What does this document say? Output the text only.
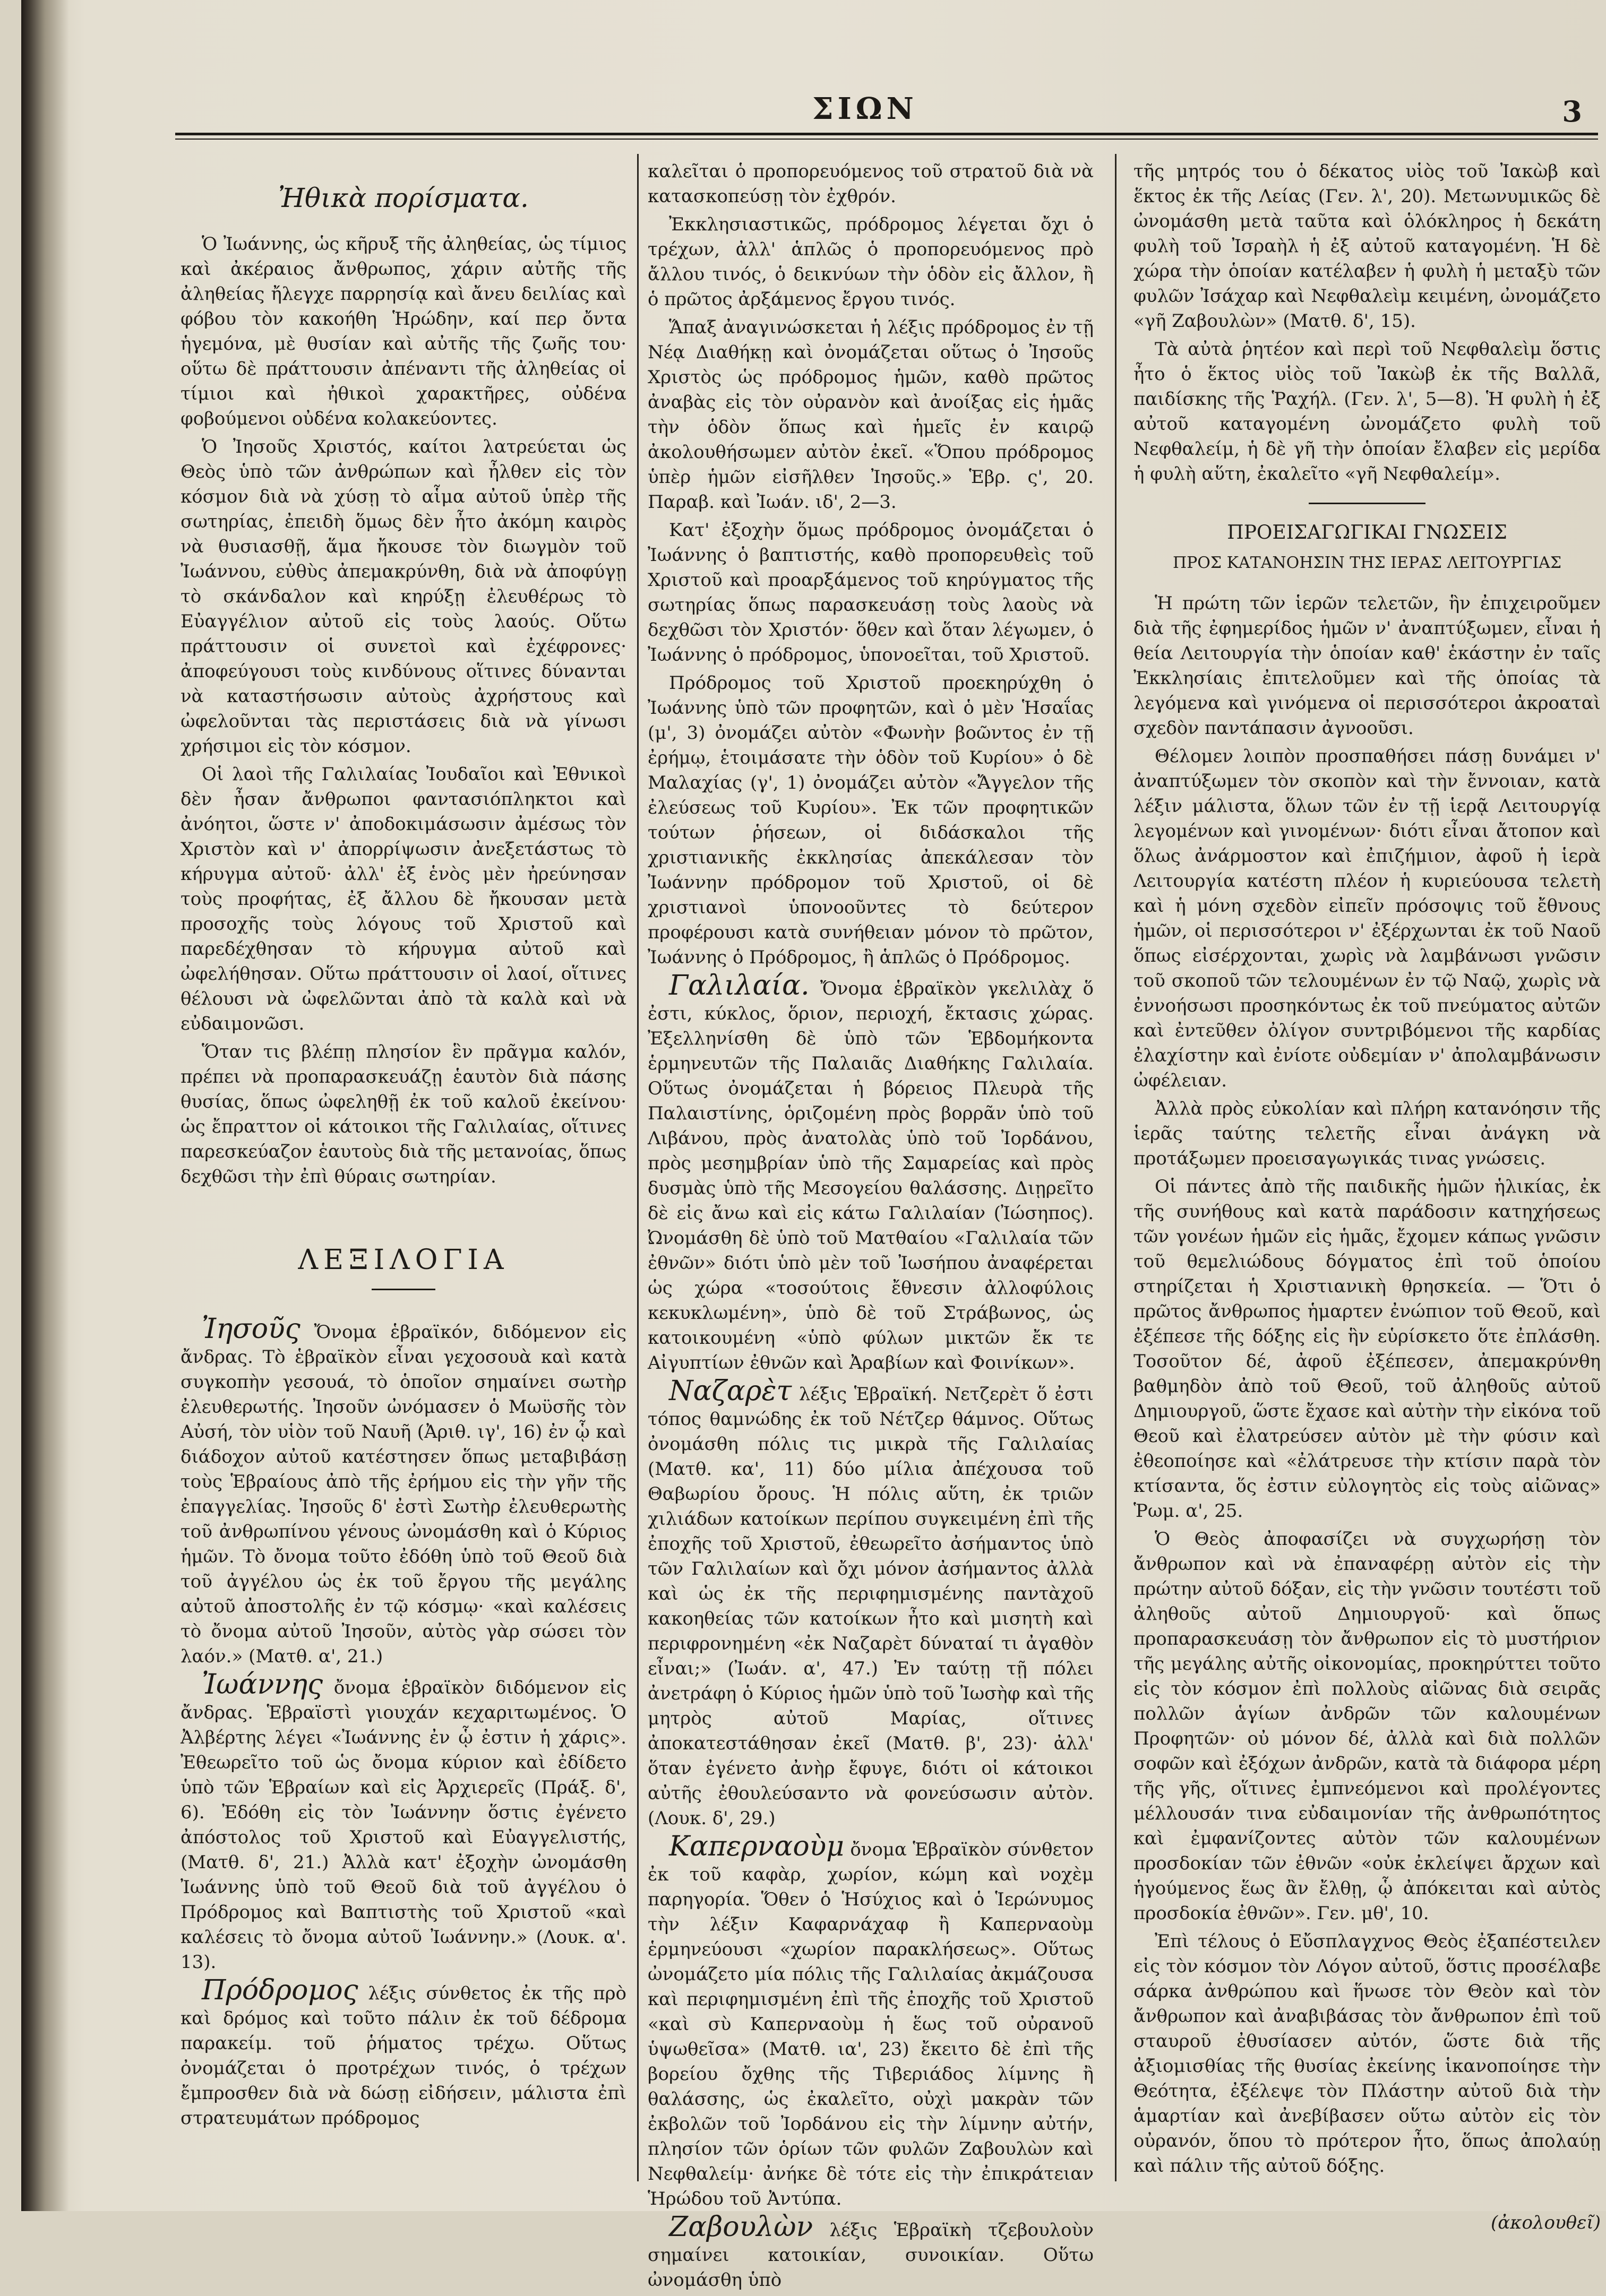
ΣΙΩΝ	3
Ἠθικὰ πορίσματα.

Ὁ Ἰωάννης, ὡς κῆρυξ τῆς ἀληθείας, ὡς τίμιος καὶ ἀκέραιος ἄνθρωπος, χάριν αὐτῆς τῆς ἀληθείας ἤλεγχε παρρησίᾳ καὶ ἄνευ δειλίας καὶ φόβου τὸν κακοήθη Ἡρώδην, καί περ ὄντα ἡγεμόνα, μὲ θυσίαν καὶ αὐτῆς τῆς ζωῆς του· οὕτω δὲ πράττουσιν ἀπέναντι τῆς ἀληθείας οἱ τίμιοι καὶ ἠθικοὶ χαρακτῆρες, οὐδένα φοβούμενοι οὐδένα κολακεύοντες.

Ὁ Ἰησοῦς Χριστός, καίτοι λατρεύεται ὡς Θεὸς ὑπὸ τῶν ἀνθρώπων καὶ ἦλθεν εἰς τὸν κόσμον διὰ νὰ χύσῃ τὸ αἷμα αὐτοῦ ὑπὲρ τῆς σωτηρίας, ἐπειδὴ ὅμως δὲν ἦτο ἀκόμη καιρὸς νὰ θυσιασθῇ, ἅμα ἤκουσε τὸν διωγμὸν τοῦ Ἰωάννου, εὐθὺς ἀπεμακρύνθη, διὰ νὰ ἀποφύγῃ τὸ σκάνδαλον καὶ κηρύξῃ ἐλευθέρως τὸ Εὐαγγέλιον αὐτοῦ εἰς τοὺς λαούς. Οὕτω πράττουσιν οἱ συνετοὶ καὶ ἐχέφρονες· ἀποφεύγουσι τοὺς κινδύνους οἵτινες δύνανται νὰ καταστήσωσιν αὐτοὺς ἀχρήστους καὶ ὠφελοῦνται τὰς περιστάσεις διὰ νὰ γίνωσι χρήσιμοι εἰς τὸν κόσμον.

Οἱ λαοὶ τῆς Γαλιλαίας Ἰουδαῖοι καὶ Ἐθνικοὶ δὲν ἦσαν ἄνθρωποι φαντασιόπληκτοι καὶ ἀνόητοι, ὥστε ν' ἀποδοκιμάσωσιν ἀμέσως τὸν Χριστὸν καὶ ν' ἀπορρίψωσιν ἀνεξετάστως τὸ κήρυγμα αὐτοῦ· ἀλλ' ἐξ ἑνὸς μὲν ἠρεύνησαν τοὺς προφήτας, ἐξ ἄλλου δὲ ἤκουσαν μετὰ προσοχῆς τοὺς λόγους τοῦ Χριστοῦ καὶ παρεδέχθησαν τὸ κήρυγμα αὐτοῦ καὶ ὠφελήθησαν. Οὕτω πράττουσιν οἱ λαοί, οἵτινες θέλουσι νὰ ὠφελῶνται ἀπὸ τὰ καλὰ καὶ νὰ εὐδαιμονῶσι.

Ὅταν τις βλέπῃ πλησίον ἓν πρᾶγμα καλόν, πρέπει νὰ προπαρασκευάζῃ ἑαυτὸν διὰ πάσης θυσίας, ὅπως ὠφεληθῇ ἐκ τοῦ καλοῦ ἐκείνου· ὡς ἔπραττον οἱ κάτοικοι τῆς Γαλιλαίας, οἵτινες παρεσκεύαζον ἑαυτοὺς διὰ τῆς μετανοίας, ὅπως δεχθῶσι τὴν ἐπὶ θύραις σωτηρίαν.

ΛΕΞΙΛΟΓΙΑ

Ἰησοῦς Ὄνομα ἑβραϊκόν, διδόμενον εἰς ἄνδρας. Τὸ ἑβραϊκὸν εἶναι γεχοσουὰ καὶ κατὰ συγκοπὴν γεσουά, τὸ ὁποῖον σημαίνει σωτὴρ ἐλευθερωτής. Ἰησοῦν ὠνόμασεν ὁ Μωϋσῆς τὸν Αὐσή, τὸν υἱὸν τοῦ Ναυῆ (Ἀριθ. ιγ', 16) ἐν ᾧ καὶ διάδοχον αὐτοῦ κατέστησεν ὅπως μεταβιβάσῃ τοὺς Ἑβραίους ἀπὸ τῆς ἐρήμου εἰς τὴν γῆν τῆς ἐπαγγελίας. Ἰησοῦς δ' ἐστὶ Σωτὴρ ἐλευθερωτὴς τοῦ ἀνθρωπίνου γένους ὠνομάσθη καὶ ὁ Κύριος ἡμῶν. Τὸ ὄνομα τοῦτο ἐδόθη ὑπὸ τοῦ Θεοῦ διὰ τοῦ ἀγγέλου ὡς ἐκ τοῦ ἔργου τῆς μεγάλης αὐτοῦ ἀποστολῆς ἐν τῷ κόσμῳ· «καὶ καλέσεις τὸ ὄνομα αὐτοῦ Ἰησοῦν, αὐτὸς γὰρ σώσει τὸν λαόν.» (Ματθ. α', 21.)

Ἰωάννης ὄνομα ἑβραϊκὸν διδόμενον εἰς ἄνδρας. Ἑβραϊστὶ γιουχάν κεχαριτωμένος. Ὁ Ἀλβέρτης λέγει «Ἰωάννης ἐν ᾧ ἐστιν ἡ χάρις». Ἐθεωρεῖτο τοῦ ὡς ὄνομα κύριον καὶ ἐδίδετο ὑπὸ τῶν Ἑβραίων καὶ εἰς Ἀρχιερεῖς (Πράξ. δ', 6). Ἐδόθη εἰς τὸν Ἰωάννην ὅστις ἐγένετο ἀπόστολος τοῦ Χριστοῦ καὶ Εὐαγγελιστής, (Ματθ. δ', 21.) Ἀλλὰ κατ' ἐξοχὴν ὠνομάσθη Ἰωάννης ὑπὸ τοῦ Θεοῦ διὰ τοῦ ἀγγέλου ὁ Πρόδρομος καὶ Βαπτιστὴς τοῦ Χριστοῦ «καὶ καλέσεις τὸ ὄνομα αὐτοῦ Ἰωάννην.» (Λουκ. α'. 13).

Πρόδρομος λέξις σύνθετος ἐκ τῆς πρὸ καὶ δρόμος καὶ τοῦτο πάλιν ἐκ τοῦ δέδρομα παρακείμ. τοῦ ῥήματος τρέχω. Οὕτως ὀνομάζεται ὁ προτρέχων τινός, ὁ τρέχων ἔμπροσθεν διὰ νὰ δώσῃ εἰδήσειν, μάλιστα ἐπὶ στρατευμάτων πρόδρομος

καλεῖται ὁ προπορευόμενος τοῦ στρατοῦ διὰ νὰ κατασκοπεύσῃ τὸν ἐχθρόν.

Ἐκκλησιαστικῶς, πρόδρομος λέγεται ὄχι ὁ τρέχων, ἀλλ' ἁπλῶς ὁ προπορευόμενος πρὸ ἄλλου τινός, ὁ δεικνύων τὴν ὁδὸν εἰς ἄλλον, ἢ ὁ πρῶτος ἀρξάμενος ἔργου τινός.

Ἅπαξ ἀναγινώσκεται ἡ λέξις πρόδρομος ἐν τῇ Νέᾳ Διαθήκῃ καὶ ὀνομάζεται οὕτως ὁ Ἰησοῦς Χριστὸς ὡς πρόδρομος ἡμῶν, καθὸ πρῶτος ἀναβὰς εἰς τὸν οὐρανὸν καὶ ἀνοίξας εἰς ἡμᾶς τὴν ὁδὸν ὅπως καὶ ἡμεῖς ἐν καιρῷ ἀκολουθήσωμεν αὐτὸν ἐκεῖ. «Ὅπου πρόδρομος ὑπὲρ ἡμῶν εἰσῆλθεν Ἰησοῦς.» Ἑβρ. ς', 20. Παραβ. καὶ Ἰωάν. ιδ', 2—3.

Κατ' ἐξοχὴν ὅμως πρόδρομος ὀνομάζεται ὁ Ἰωάννης ὁ βαπτιστής, καθὸ προπορευθεὶς τοῦ Χριστοῦ καὶ προαρξάμενος τοῦ κηρύγματος τῆς σωτηρίας ὅπως παρασκευάσῃ τοὺς λαοὺς νὰ δεχθῶσι τὸν Χριστόν· ὅθεν καὶ ὅταν λέγωμεν, ὁ Ἰωάννης ὁ πρόδρομος, ὑπονοεῖται, τοῦ Χριστοῦ.

Πρόδρομος τοῦ Χριστοῦ προεκηρύχθη ὁ Ἰωάννης ὑπὸ τῶν προφητῶν, καὶ ὁ μὲν Ἡσαΐας (μ', 3) ὀνομάζει αὐτὸν «Φωνὴν βοῶντος ἐν τῇ ἐρήμῳ, ἑτοιμάσατε τὴν ὁδὸν τοῦ Κυρίου» ὁ δὲ Μαλαχίας (γ', 1) ὀνομάζει αὐτὸν «Ἄγγελον τῆς ἐλεύσεως τοῦ Κυρίου». Ἐκ τῶν προφητικῶν τούτων ῥήσεων, οἱ διδάσκαλοι τῆς χριστιανικῆς ἐκκλησίας ἀπεκάλεσαν τὸν Ἰωάννην πρόδρομον τοῦ Χριστοῦ, οἱ δὲ χριστιανοὶ ὑπονοοῦντες τὸ δεύτερον προφέρουσι κατὰ συνήθειαν μόνον τὸ πρῶτον, Ἰωάννης ὁ Πρόδρομος, ἢ ἁπλῶς ὁ Πρόδρομος.

Γαλιλαία. Ὄνομα ἑβραϊκὸν γκελιλὰχ ὅ ἐστι, κύκλος, ὅριον, περιοχή, ἔκτασις χώρας. Ἐξελληνίσθη δὲ ὑπὸ τῶν Ἑβδομήκοντα ἑρμηνευτῶν τῆς Παλαιᾶς Διαθήκης Γαλιλαία. Οὕτως ὀνομάζεται ἡ βόρειος Πλευρὰ τῆς Παλαιστίνης, ὁριζομένη πρὸς βορρᾶν ὑπὸ τοῦ Λιβάνου, πρὸς ἀνατολὰς ὑπὸ τοῦ Ἰορδάνου, πρὸς μεσημβρίαν ὑπὸ τῆς Σαμαρείας καὶ πρὸς δυσμὰς ὑπὸ τῆς Μεσογείου θαλάσσης. Διῃρεῖτο δὲ εἰς ἄνω καὶ εἰς κάτω Γαλιλαίαν (Ἰώσηπος). Ὠνομάσθη δὲ ὑπὸ τοῦ Ματθαίου «Γαλιλαία τῶν ἐθνῶν» διότι ὑπὸ μὲν τοῦ Ἰωσήπου ἀναφέρεται ὡς χώρα «τοσούτοις ἔθνεσιν ἀλλοφύλοις κεκυκλωμένη», ὑπὸ δὲ τοῦ Στράβωνος, ὡς κατοικουμένη «ὑπὸ φύλων μικτῶν ἔκ τε Αἰγυπτίων ἐθνῶν καὶ Ἀραβίων καὶ Φοινίκων».

Ναζαρὲτ λέξις Ἑβραϊκή. Νετζερὲτ ὅ ἐστι τόπος θαμνώδης ἐκ τοῦ Νέτζερ θάμνος. Οὕτως ὀνομάσθη πόλις τις μικρὰ τῆς Γαλιλαίας (Ματθ. κα', 11) δύο μίλια ἀπέχουσα τοῦ Θαβωρίου ὄρους. Ἡ πόλις αὕτη, ἐκ τριῶν χιλιάδων κατοίκων περίπου συγκειμένη ἐπὶ τῆς ἐποχῆς τοῦ Χριστοῦ, ἐθεωρεῖτο ἀσήμαντος ὑπὸ τῶν Γαλιλαίων καὶ ὄχι μόνον ἀσήμαντος ἀλλὰ καὶ ὡς ἐκ τῆς περιφημισμένης παντὰχοῦ κακοηθείας τῶν κατοίκων ἦτο καὶ μισητὴ καὶ περιφρονημένη «ἐκ Ναζαρὲτ δύναταί τι ἀγαθὸν εἶναι;» (Ἰωάν. α', 47.) Ἐν ταύτῃ τῇ πόλει ἀνετράφη ὁ Κύριος ἡμῶν ὑπὸ τοῦ Ἰωσὴφ καὶ τῆς μητρὸς αὐτοῦ Μαρίας, οἵτινες ἀποκατεστάθησαν ἐκεῖ (Ματθ. β', 23)· ἀλλ' ὅταν ἐγένετο ἀνὴρ ἔφυγε, διότι οἱ κάτοικοι αὐτῆς ἐθουλεύσαντο νὰ φονεύσωσιν αὐτὸν. (Λουκ. δ', 29.)

Καπερναοὺμ ὄνομα Ἑβραϊκὸν σύνθετον ἐκ τοῦ καφὰρ, χωρίον, κώμη καὶ νοχὲμ παρηγορία. Ὅθεν ὁ Ἡσύχιος καὶ ὁ Ἱερώνυμος τὴν λέξιν Καφαρνάχαφ ἢ Καπερναοὺμ ἑρμηνεύουσι «χωρίον παρακλήσεως». Οὕτως ὠνομάζετο μία πόλις τῆς Γαλιλαίας ἀκμάζουσα καὶ περιφημισμένη ἐπὶ τῆς ἐποχῆς τοῦ Χριστοῦ «καὶ σὺ Καπερναοὺμ ἡ ἕως τοῦ οὐρανοῦ ὑψωθεῖσα» (Ματθ. ια', 23) ἔκειτο δὲ ἐπὶ τῆς βορείου ὄχθης τῆς Τιβεριάδος λίμνης ἢ θαλάσσης, ὡς ἐκαλεῖτο, οὐχὶ μακρὰν τῶν ἐκβολῶν τοῦ Ἰορδάνου εἰς τὴν λίμνην αὐτήν, πλησίον τῶν ὁρίων τῶν φυλῶν Ζαβουλὼν καὶ Νεφθαλείμ· ἀνήκε δὲ τότε εἰς τὴν ἐπικράτειαν Ἡρώδου τοῦ Ἀντύπα.

Ζαβουλὼν λέξις Ἑβραϊκὴ τζεβουλοὺν σημαίνει κατοικίαν, συνοικίαν. Οὕτω ὠνομάσθη ὑπὸ

τῆς μητρός του ὁ δέκατος υἱὸς τοῦ Ἰακὼβ καὶ ἕκτος ἐκ τῆς Λείας (Γεν. λ', 20). Μετωνυμικῶς δὲ ὠνομάσθη μετὰ ταῦτα καὶ ὁλόκληρος ἡ δεκάτη φυλὴ τοῦ Ἰσραὴλ ἡ ἐξ αὐτοῦ καταγομένη. Ἡ δὲ χώρα τὴν ὁποίαν κατέλαβεν ἡ φυλὴ ἡ μεταξὺ τῶν φυλῶν Ἰσάχαρ καὶ Νεφθαλεὶμ κειμένη, ὠνομάζετο «γῆ Ζαβουλὼν» (Ματθ. δ', 15).

Τὰ αὐτὰ ῥητέον καὶ περὶ τοῦ Νεφθαλεὶμ ὅστις ἦτο ὁ ἕκτος υἱὸς τοῦ Ἰακὼβ ἐκ τῆς Βαλλᾶ, παιδίσκης τῆς Ῥαχήλ. (Γεν. λ', 5—8). Ἡ φυλὴ ἡ ἐξ αὐτοῦ καταγομένη ὠνομάζετο φυλὴ τοῦ Νεφθαλείμ, ἡ δὲ γῆ τὴν ὁποίαν ἔλαβεν εἰς μερίδα ἡ φυλὴ αὕτη, ἐκαλεῖτο «γῆ Νεφθαλείμ».

ΠΡΟΕΙΣΑΓΩΓΙΚΑΙ ΓΝΩΣΕΙΣ
ΠΡΟΣ ΚΑΤΑΝΟΗΣΙΝ ΤΗΣ ΙΕΡΑΣ ΛΕΙΤΟΥΡΓΙΑΣ

Ἡ πρώτη τῶν ἱερῶν τελετῶν, ἣν ἐπιχειροῦμεν διὰ τῆς ἐφημερίδος ἡμῶν ν' ἀναπτύξωμεν, εἶναι ἡ θεία Λειτουργία τὴν ὁποίαν καθ' ἑκάστην ἐν ταῖς Ἐκκλησίαις ἐπιτελοῦμεν καὶ τῆς ὁποίας τὰ λεγόμενα καὶ γινόμενα οἱ περισσότεροι ἀκροαταὶ σχεδὸν παντάπασιν ἀγνοοῦσι.

Θέλομεν λοιπὸν προσπαθήσει πάσῃ δυνάμει ν' ἀναπτύξωμεν τὸν σκοπὸν καὶ τὴν ἔννοιαν, κατὰ λέξιν μάλιστα, ὅλων τῶν ἐν τῇ ἱερᾷ Λειτουργίᾳ λεγομένων καὶ γινομένων· διότι εἶναι ἄτοπον καὶ ὅλως ἀνάρμοστον καὶ ἐπιζήμιον, ἀφοῦ ἡ ἱερὰ Λειτουργία κατέστη πλέον ἡ κυριεύουσα τελετὴ καὶ ἡ μόνη σχεδὸν εἰπεῖν πρόσοψις τοῦ ἔθνους ἡμῶν, οἱ περισσότεροι ν' ἐξέρχωνται ἐκ τοῦ Ναοῦ ὅπως εἰσέρχονται, χωρὶς νὰ λαμβάνωσι γνῶσιν τοῦ σκοποῦ τῶν τελουμένων ἐν τῷ Ναῷ, χωρὶς νὰ ἐννοήσωσι προσηκόντως ἐκ τοῦ πνεύματος αὐτῶν καὶ ἐντεῦθεν ὀλίγον συντριβόμενοι τῆς καρδίας ἐλαχίστην καὶ ἐνίοτε οὐδεμίαν ν' ἀπολαμβάνωσιν ὠφέλειαν.

Ἀλλὰ πρὸς εὐκολίαν καὶ πλήρη κατανόησιν τῆς ἱερᾶς ταύτης τελετῆς εἶναι ἀνάγκη νὰ προτάξωμεν προεισαγωγικάς τινας γνώσεις.

Οἱ πάντες ἀπὸ τῆς παιδικῆς ἡμῶν ἡλικίας, ἐκ τῆς συνήθους καὶ κατὰ παράδοσιν κατηχήσεως τῶν γονέων ἡμῶν εἰς ἡμᾶς, ἔχομεν κάπως γνῶσιν τοῦ θεμελιώδους δόγματος ἐπὶ τοῦ ὁποίου στηρίζεται ἡ Χριστιανικὴ θρησκεία. — Ὅτι ὁ πρῶτος ἄνθρωπος ἡμαρτεν ἐνώπιον τοῦ Θεοῦ, καὶ ἐξέπεσε τῆς δόξης εἰς ἣν εὑρίσκετο ὅτε ἐπλάσθη. Τοσοῦτον δέ, ἀφοῦ ἐξέπεσεν, ἀπεμακρύνθη βαθμηδὸν ἀπὸ τοῦ Θεοῦ, τοῦ ἀληθοῦς αὐτοῦ Δημιουργοῦ, ὥστε ἔχασε καὶ αὐτὴν τὴν εἰκόνα τοῦ Θεοῦ καὶ ἐλατρεύσεν αὐτὸν μὲ τὴν φύσιν καὶ ἐθεοποίησε καὶ «ἐλάτρευσε τὴν κτίσιν παρὰ τὸν κτίσαντα, ὅς ἐστιν εὐλογητὸς εἰς τοὺς αἰῶνας» Ῥωμ. α', 25.

Ὁ Θεὸς ἀποφασίζει νὰ συγχωρήσῃ τὸν ἄνθρωπον καὶ νὰ ἐπαναφέρῃ αὐτὸν εἰς τὴν πρώτην αὐτοῦ δόξαν, εἰς τὴν γνῶσιν τουτέστι τοῦ ἀληθοῦς αὐτοῦ Δημιουργοῦ· καὶ ὅπως προπαρασκευάσῃ τὸν ἄνθρωπον εἰς τὸ μυστήριον τῆς μεγάλης αὐτῆς οἰκονομίας, προκηρύττει τοῦτο εἰς τὸν κόσμον ἐπὶ πολλοὺς αἰῶνας διὰ σειρᾶς πολλῶν ἁγίων ἀνδρῶν τῶν καλουμένων Προφητῶν· οὐ μόνον δέ, ἀλλὰ καὶ διὰ πολλῶν σοφῶν καὶ ἐξόχων ἀνδρῶν, κατὰ τὰ διάφορα μέρη τῆς γῆς, οἵτινες ἐμπνεόμενοι καὶ προλέγοντες μέλλουσάν τινα εὐδαιμονίαν τῆς ἀνθρωπότητος καὶ ἐμφανίζοντες αὐτὸν τῶν καλουμένων προσδοκίαν τῶν ἐθνῶν «οὐκ ἐκλείψει ἄρχων καὶ ἡγούμενος ἕως ἂν ἔλθῃ, ᾧ ἀπόκειται καὶ αὐτὸς προσδοκία ἐθνῶν». Γεν. μθ', 10.

Ἐπὶ τέλους ὁ Εὔσπλαγχνος Θεὸς ἐξαπέστειλεν εἰς τὸν κόσμον τὸν Λόγον αὐτοῦ, ὅστις προσέλαβε σάρκα ἀνθρώπου καὶ ἥνωσε τὸν Θεὸν καὶ τὸν ἄνθρωπον καὶ ἀναβιβάσας τὸν ἄνθρωπον ἐπὶ τοῦ σταυροῦ ἐθυσίασεν αὐτόν, ὥστε διὰ τῆς ἀξιομισθίας τῆς θυσίας ἐκείνης ἱκανοποίησε τὴν Θεότητα, ἐξέλεψε τὸν Πλάστην αὐτοῦ διὰ τὴν ἁμαρτίαν καὶ ἀνεβίβασεν οὕτω αὐτὸν εἰς τὸν οὐρανόν, ὅπου τὸ πρότερον ἦτο, ὅπως ἀπολαύῃ καὶ πάλιν τῆς αὐτοῦ δόξης.

(ἀκολουθεῖ)
